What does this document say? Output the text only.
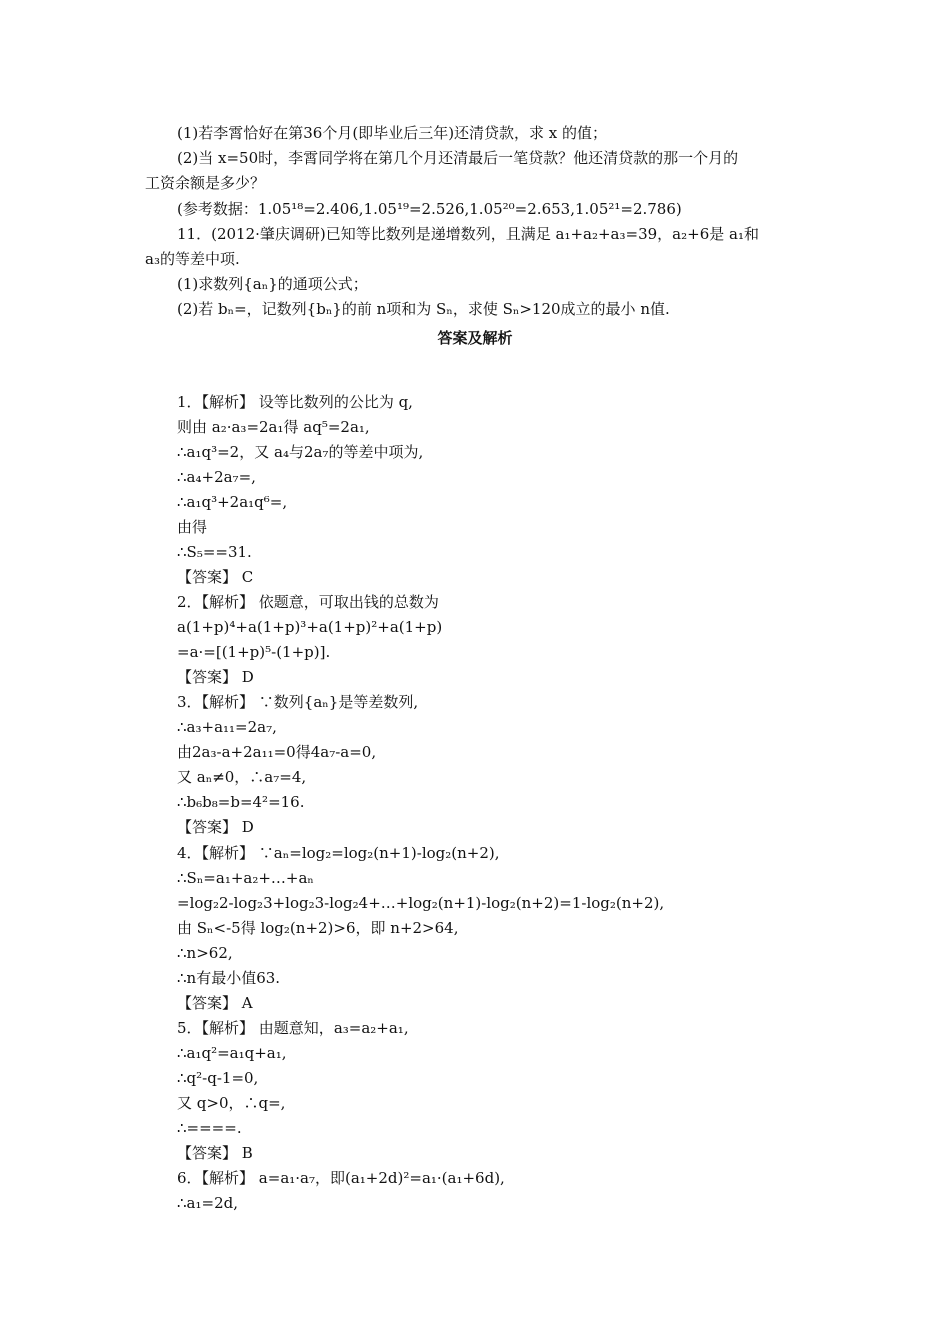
(1)若李霄恰好在第36个月(即毕业后三年)还清贷款，求 x 的值；
(2)当 x=50时，李霄同学将在第几个月还清最后一笔贷款？他还清贷款的那一个月的
工资余额是多少？
(参考数据：1.05¹⁸=2.406,1.05¹⁹=2.526,1.05²⁰=2.653,1.05²¹=2.786)
11．(2012·肇庆调研)已知等比数列是递增数列，且满足 a₁+a₂+a₃=39，a₂+6是 a₁和
a₃的等差中项.
(1)求数列{aₙ}的通项公式；
(2)若 bₙ=，记数列{bₙ}的前 n项和为 Sₙ，求使 Sₙ>120成立的最小 n值.
答案及解析
1．【解析】 设等比数列的公比为 q,
则由 a₂·a₃=2a₁得 aq⁵=2a₁,
∴a₁q³=2，又 a₄与2a₇的等差中项为,
∴a₄+2a₇=,
∴a₁q³+2a₁q⁶=,
由得
∴S₅==31.
【答案】 C
2．【解析】 依题意，可取出钱的总数为
a(1+p)⁴+a(1+p)³+a(1+p)²+a(1+p)
=a·=[(1+p)⁵-(1+p)].
【答案】 D
3．【解析】 ∵数列{aₙ}是等差数列,
∴a₃+a₁₁=2a₇,
由2a₃-a+2a₁₁=0得4a₇-a=0,
又 aₙ≠0，∴a₇=4,
∴b₆b₈=b=4²=16.
【答案】 D
4．【解析】 ∵aₙ=log₂=log₂(n+1)-log₂(n+2),
∴Sₙ=a₁+a₂+…+aₙ
=log₂2-log₂3+log₂3-log₂4+…+log₂(n+1)-log₂(n+2)=1-log₂(n+2),
由 Sₙ<-5得 log₂(n+2)>6，即 n+2>64,
∴n>62,
∴n有最小值63.
【答案】 A
5．【解析】 由题意知，a₃=a₂+a₁,
∴a₁q²=a₁q+a₁,
∴q²-q-1=0,
又 q>0，∴q=,
∴====.
【答案】 B
6．【解析】 a=a₁·a₇，即(a₁+2d)²=a₁·(a₁+6d),
∴a₁=2d,
